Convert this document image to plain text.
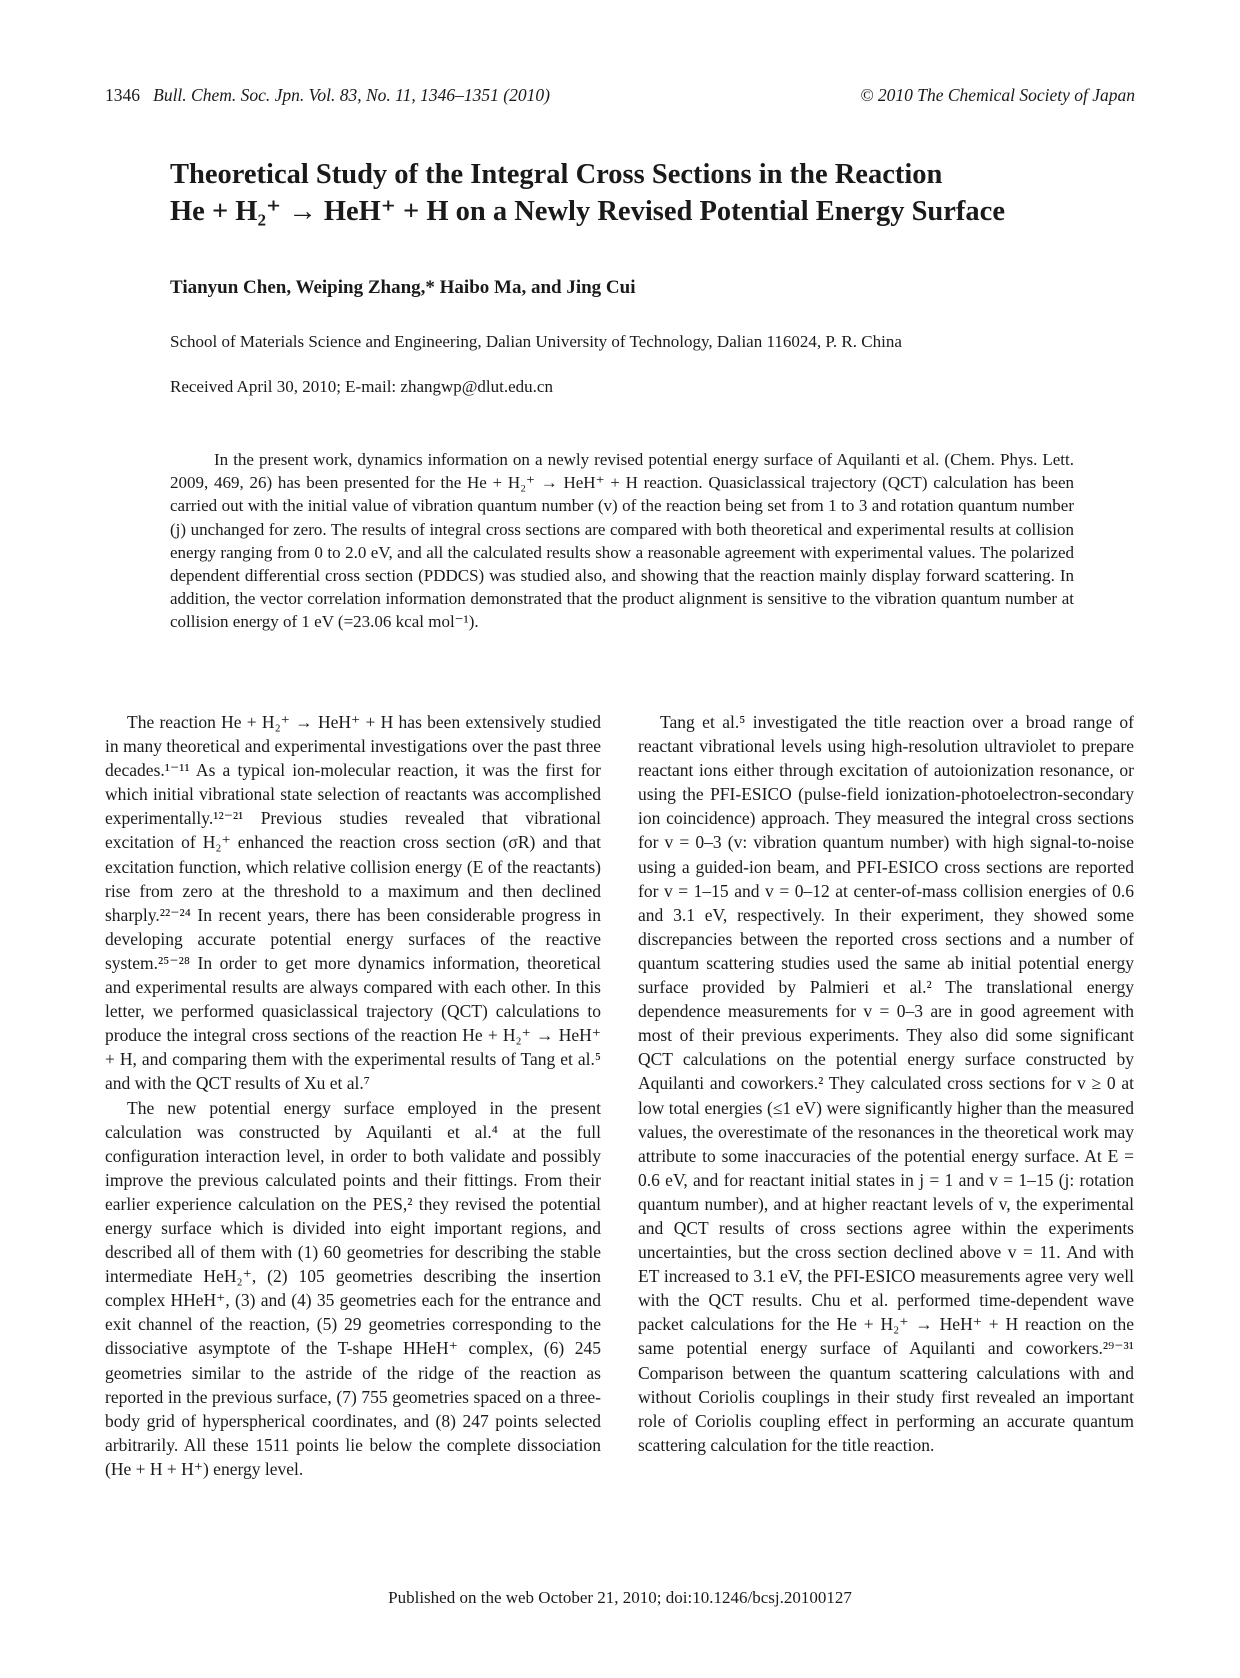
1346 Bull. Chem. Soc. Jpn. Vol. 83, No. 11, 1346–1351 (2010)	© 2010 The Chemical Society of Japan
Theoretical Study of the Integral Cross Sections in the Reaction
He + H₂⁺ → HeH⁺ + H on a Newly Revised Potential Energy Surface
Tianyun Chen, Weiping Zhang,* Haibo Ma, and Jing Cui
School of Materials Science and Engineering, Dalian University of Technology, Dalian 116024, P. R. China
Received April 30, 2010; E-mail: zhangwp@dlut.edu.cn
In the present work, dynamics information on a newly revised potential energy surface of Aquilanti et al. (Chem. Phys. Lett. 2009, 469, 26) has been presented for the He + H₂⁺ → HeH⁺ + H reaction. Quasiclassical trajectory (QCT) calculation has been carried out with the initial value of vibration quantum number (v) of the reaction being set from 1 to 3 and rotation quantum number (j) unchanged for zero. The results of integral cross sections are compared with both theoretical and experimental results at collision energy ranging from 0 to 2.0 eV, and all the calculated results show a reasonable agreement with experimental values. The polarized dependent differential cross section (PDDCS) was studied also, and showing that the reaction mainly display forward scattering. In addition, the vector correlation information demonstrated that the product alignment is sensitive to the vibration quantum number at collision energy of 1 eV (=23.06 kcal mol⁻¹).

The reaction He + H₂⁺ → HeH⁺ + H has been extensively studied in many theoretical and experimental investigations over the past three decades.¹⁻¹¹ As a typical ion-molecular reaction, it was the first for which initial vibrational state selection of reactants was accomplished experimentally.¹²⁻²¹ Previous studies revealed that vibrational excitation of H₂⁺ enhanced the reaction cross section (σR) and that excitation function, which relative collision energy (E of the reactants) rise from zero at the threshold to a maximum and then declined sharply.²²⁻²⁴ In recent years, there has been considerable progress in developing accurate potential energy surfaces of the reactive system.²⁵⁻²⁸ In order to get more dynamics information, theoretical and experimental results are always compared with each other. In this letter, we performed quasiclassical trajectory (QCT) calculations to produce the integral cross sections of the reaction He + H₂⁺ → HeH⁺ + H, and comparing them with the experimental results of Tang et al.⁵ and with the QCT results of Xu et al.⁷

The new potential energy surface employed in the present calculation was constructed by Aquilanti et al.⁴ at the full configuration interaction level, in order to both validate and possibly improve the previous calculated points and their fittings. From their earlier experience calculation on the PES,² they revised the potential energy surface which is divided into eight important regions, and described all of them with (1) 60 geometries for describing the stable intermediate HeH₂⁺, (2) 105 geometries describing the insertion complex HHeH⁺, (3) and (4) 35 geometries each for the entrance and exit channel of the reaction, (5) 29 geometries corresponding to the dissociative asymptote of the T-shape HHeH⁺ complex, (6) 245 geometries similar to the astride of the ridge of the reaction as reported in the previous surface, (7) 755 geometries spaced on a three-body grid of hyperspherical coordinates, and (8) 247 points selected arbitrarily. All these 1511 points lie below the complete dissociation (He + H + H⁺) energy level.

Tang et al.⁵ investigated the title reaction over a broad range of reactant vibrational levels using high-resolution ultraviolet to prepare reactant ions either through excitation of autoionization resonance, or using the PFI-ESICO (pulse-field ionization-photoelectron-secondary ion coincidence) approach. They measured the integral cross sections for v = 0–3 (v: vibration quantum number) with high signal-to-noise using a guided-ion beam, and PFI-ESICO cross sections are reported for v = 1–15 and v = 0–12 at center-of-mass collision energies of 0.6 and 3.1 eV, respectively. In their experiment, they showed some discrepancies between the reported cross sections and a number of quantum scattering studies used the same ab initial potential energy surface provided by Palmieri et al.² The translational energy dependence measurements for v = 0–3 are in good agreement with most of their previous experiments. They also did some significant QCT calculations on the potential energy surface constructed by Aquilanti and coworkers.² They calculated cross sections for v ≥ 0 at low total energies (≤1 eV) were significantly higher than the measured values, the overestimate of the resonances in the theoretical work may attribute to some inaccuracies of the potential energy surface. At E = 0.6 eV, and for reactant initial states in j = 1 and v = 1–15 (j: rotation quantum number), and at higher reactant levels of v, the experimental and QCT results of cross sections agree within the experiments uncertainties, but the cross section declined above v = 11. And with ET increased to 3.1 eV, the PFI-ESICO measurements agree very well with the QCT results. Chu et al. performed time-dependent wave packet calculations for the He + H₂⁺ → HeH⁺ + H reaction on the same potential energy surface of Aquilanti and coworkers.²⁹⁻³¹ Comparison between the quantum scattering calculations with and without Coriolis couplings in their study first revealed an important role of Coriolis coupling effect in performing an accurate quantum scattering calculation for the title reaction.

Published on the web October 21, 2010; doi:10.1246/bcsj.20100127
